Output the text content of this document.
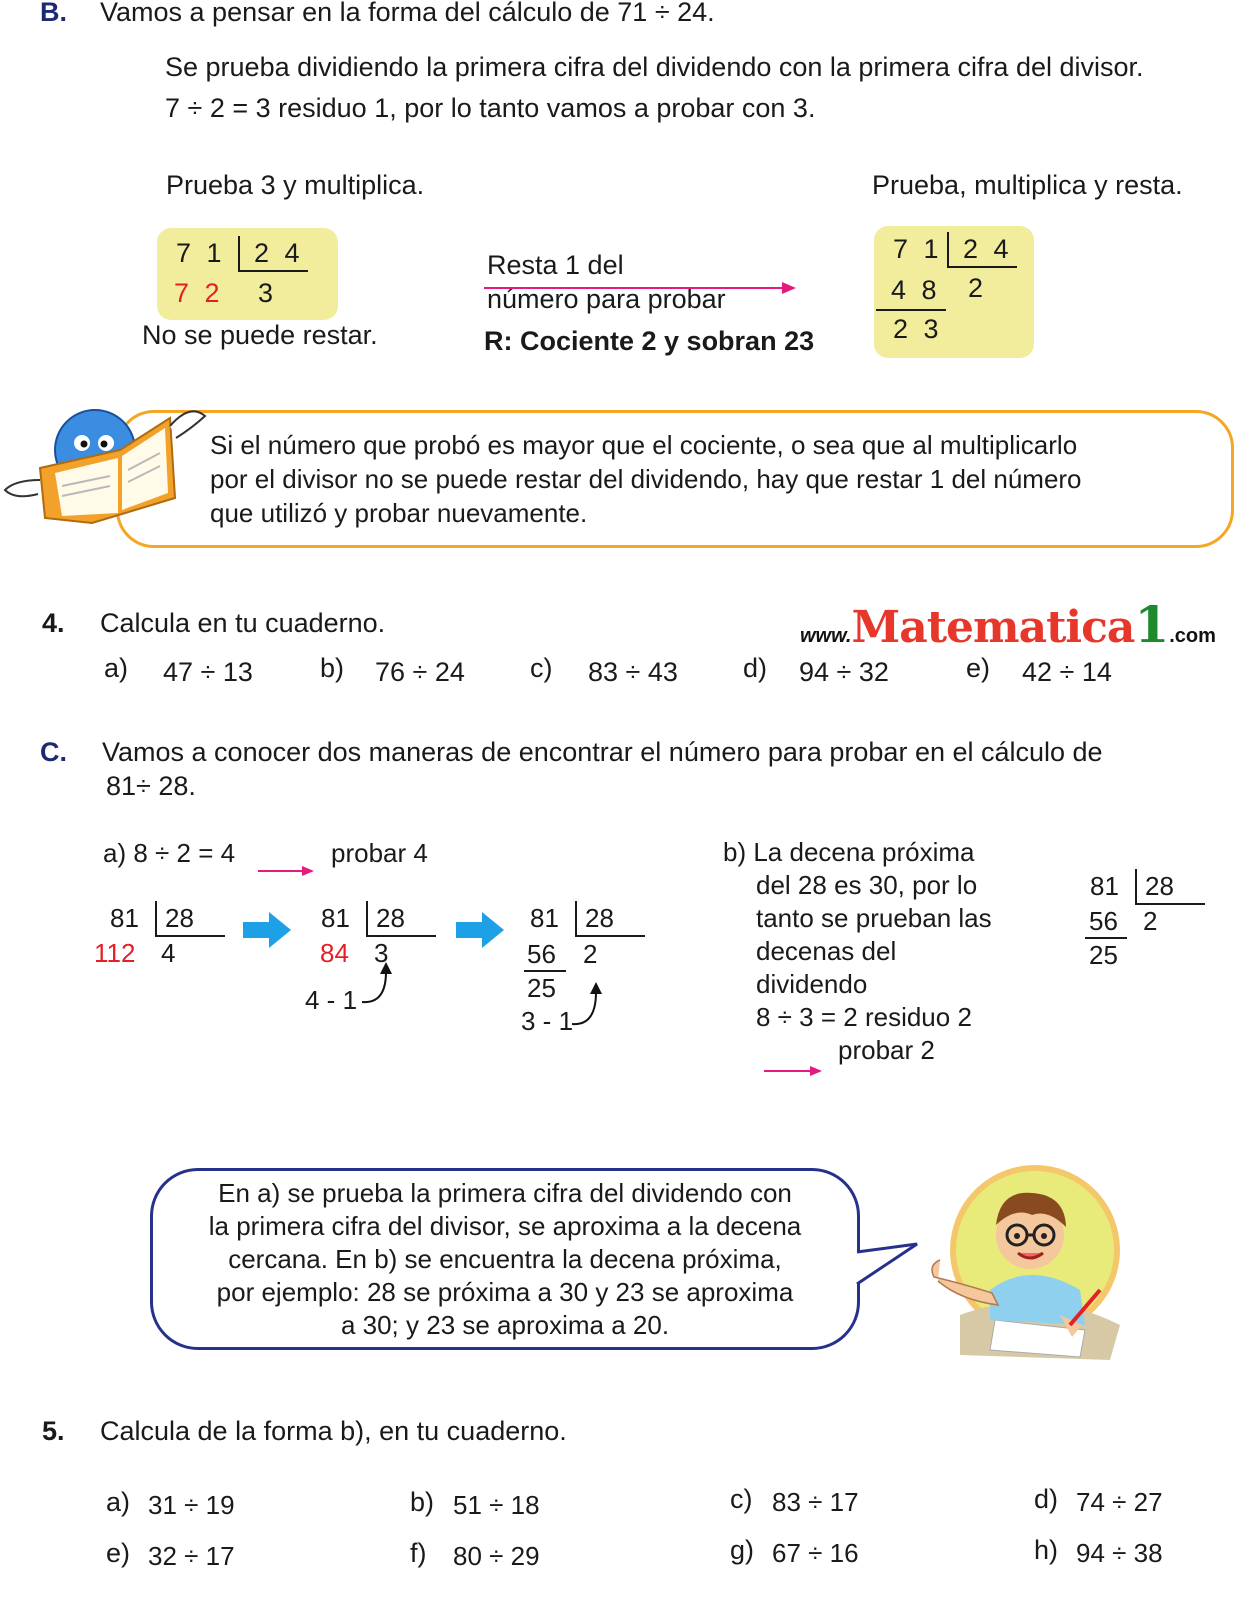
B. Vamos a pensar en la forma del cálculo de 71 ÷ 24.
Se prueba dividiendo la primera cifra del dividendo con la primera cifra del divisor.
7 ÷ 2 = 3 residuo 1, por lo tanto vamos a probar con 3.
Prueba 3 y multiplica.	Prueba, multiplica y resta.
7 1 2 4
7 2 3
No se puede restar.
Resta 1 del
número para probar
R: Cociente 2 y sobran 23
7 1 2 4
4 8 2
2 3
Si el número que probó es mayor que el cociente, o sea que al multiplicarlo
por el divisor no se puede restar del dividendo, hay que restar 1 del número
que utilizó y probar nuevamente.
4. Calcula en tu cuaderno.	www.Matematica1.com
a) 47 ÷ 13 b) 76 ÷ 24 c) 83 ÷ 43 d) 94 ÷ 32	e) 42 ÷ 14
C. Vamos a conocer dos maneras de encontrar el número para probar en el cálculo de
81÷ 28.
a) 8 ÷ 2 = 4	probar 4
81 28
112 4
81 28
84 3
4 - 1
81 28
56 2
25
3 - 1
b) La decena próxima
del 28 es 30, por lo
tanto se prueban las
decenas del
dividendo
8 ÷ 3 = 2 residuo 2
probar 2
81 28
56 2
25
En a) se prueba la primera cifra del dividendo con
la primera cifra del divisor, se aproxima a la decena
cercana. En b) se encuentra la decena próxima,
por ejemplo: 28 se próxima a 30 y 23 se aproxima
a 30; y 23 se aproxima a 20.
5. Calcula de la forma b), en tu cuaderno.
a) 31 ÷ 19	b) 51 ÷ 18	c) 83 ÷ 17	d) 74 ÷ 27
e) 32 ÷ 17	f) 80 ÷ 29	g) 67 ÷ 16	h) 94 ÷ 38
